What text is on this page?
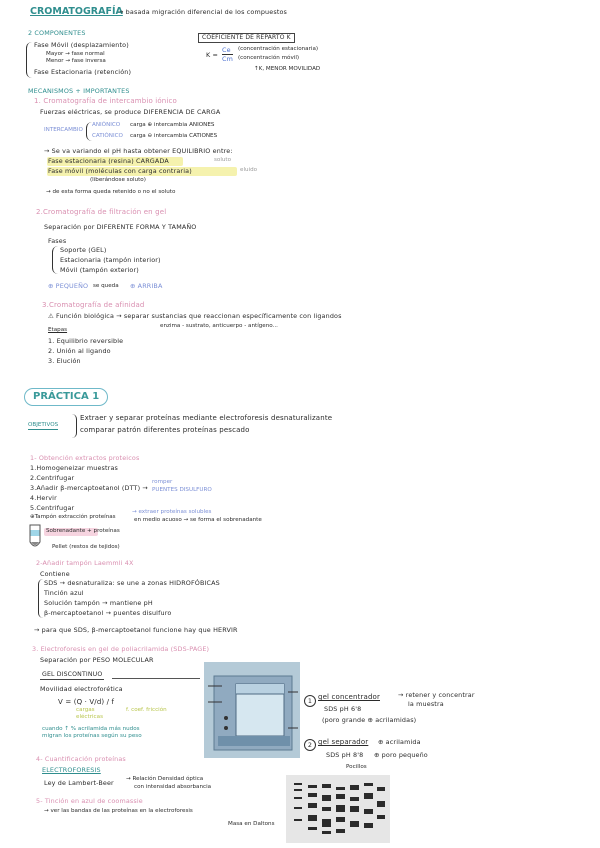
CROMATOGRAFÍA
→ basada migración diferencial de los compuestos
2 COMPONENTES
Fase Móvil (desplazamiento)
Mayor → fase normal
Menor → fase inversa
Fase Estacionaria (retención)
COEFICIENTE DE REPARTO K
K =
Ce
Cm
(concentración estacionaria)
(concentración móvil)
↑K, MENOR MOVILIDAD
MECANISMOS + IMPORTANTES
1. Cromatografía de intercambio iónico
Fuerzas eléctricas, se produce DIFERENCIA DE CARGA
INTERCAMBIO
ANIÓNICO carga ⊕ intercambia ANIONES
CATIÓNICO carga ⊖ intercambia CATIONES
→ Se va variando el pH hasta obtener EQUILIBRIO entre:
Fase estacionaria (resina) CARGADA	soluto
Fase móvil (moléculas con carga contraria)	eluido
(liberándose soluto)
→ de esta forma queda retenido o no el soluto
2.Cromatografía de filtración en gel
Separación por DIFERENTE FORMA Y TAMAÑO
Fases
Soporte (GEL)
Estacionaria (tampón interior)
Móvil (tampón exterior)
⊕ PEQUEÑO se queda ⊕ ARRIBA
3.Cromatografía de afinidad
⚠ Función biológica → separar sustancias que reaccionan específicamente con ligandos
enzima - sustrato, anticuerpo - antígeno...
Etapas
1. Equilibrio reversible
2. Unión al ligando
3. Elución
PRÁCTICA 1
OBJETIVOS
Extraer y separar proteínas mediante electroforesis desnaturalizante
comparar patrón diferentes proteínas pescado
1- Obtención extractos proteicos
1.Homogeneizar muestras
2.Centrifugar
3.Añadir β-mercaptoetanol (DTT) →
romper
PUENTES DISULFURO
4.Hervir
5.Centrifugar
⊕Tampón extracción proteínas
→ extraer proteínas solubles
en medio acuoso → se forma el sobrenadante
Sobrenadante + proteínas
Pellet (restos de tejidos)
2-Añadir tampón Laemmli 4X
Contiene
SDS → desnaturaliza: se une a zonas HIDROFÓBICAS
Tinción azul
Solución tampón → mantiene pH
β-mercaptoetanol → puentes disulfuro
→ para que SDS, β-mercaptoetanol funcione hay que HERVIR
3. Electroforesis en gel de poliacrilamida (SDS-PAGE)
Separación por PESO MOLECULAR
GEL DISCONTINUO
Movilidad electroforética
V = (Q · V/d) / f
f. coef. fricción
cargas
eléctricas
cuando ↑ % acrilamida más nudos
migran los proteínas según su peso
1 gel concentrador	→ retener y concentrar
la muestra
SDS pH 6'8
(poro grande ⊕ acrilamidas)
2 gel separador ⊕ acrilamida
SDS pH 8'8 ⊕ poro pequeño
Pocillos
Masa en Daltons
4- Cuantificación proteínas
ELECTROFORESIS
Ley de Lambert-Beer → Relación Densidad óptica
con intensidad absorbancia
5- Tinción en azul de coomassie
→ ver las bandas de las proteínas en la electroforesis
